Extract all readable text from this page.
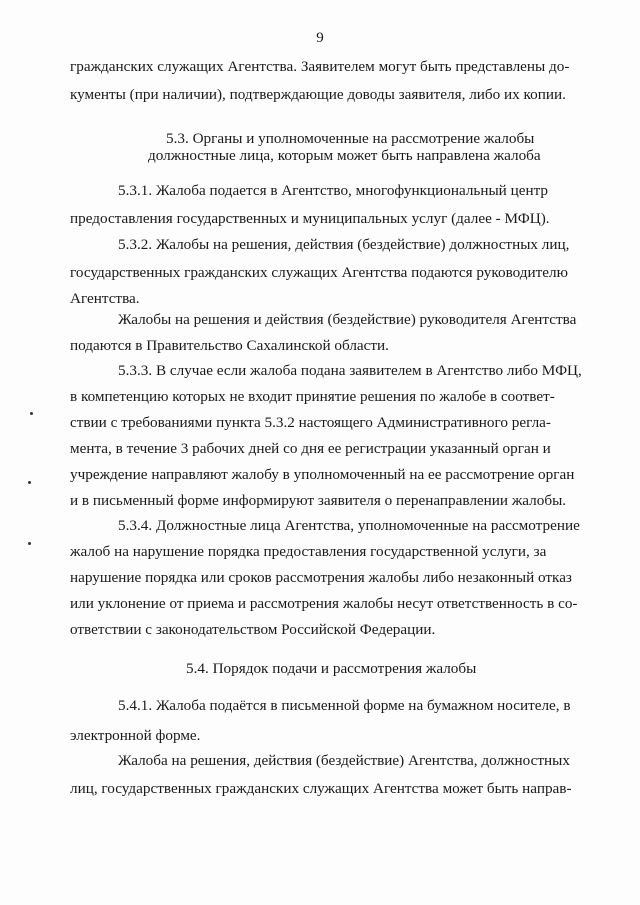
9
гражданских служащих Агентства. Заявителем могут быть представлены до-
кументы (при наличии), подтверждающие доводы заявителя, либо их копии.
5.3. Органы и уполномоченные на рассмотрение жалобы
должностные лица, которым может быть направлена жалоба
5.3.1. Жалоба подается в Агентство, многофункциональный центр
предоставления государственных и муниципальных услуг (далее - МФЦ).
5.3.2. Жалобы на решения, действия (бездействие) должностных лиц,
государственных гражданских служащих Агентства подаются руководителю
Агентства.
Жалобы на решения и действия (бездействие) руководителя Агентства
подаются в Правительство Сахалинской области.
5.3.3. В случае если жалоба подана заявителем в Агентство либо МФЦ,
в компетенцию которых не входит принятие решения по жалобе в соответ-
ствии с требованиями пункта 5.3.2 настоящего Административного регла-
мента, в течение 3 рабочих дней со дня ее регистрации указанный орган и
учреждение направляют жалобу в уполномоченный на ее рассмотрение орган
и в письменный форме информируют заявителя о перенаправлении жалобы.
5.3.4. Должностные лица Агентства, уполномоченные на рассмотрение
жалоб на нарушение порядка предоставления государственной услуги, за
нарушение порядка или сроков рассмотрения жалобы либо незаконный отказ
или уклонение от приема и рассмотрения жалобы несут ответственность в со-
ответствии с законодательством Российской Федерации.
5.4. Порядок подачи и рассмотрения жалобы
5.4.1. Жалоба подаётся в письменной форме на бумажном носителе, в
электронной форме.
Жалоба на решения, действия (бездействие) Агентства, должностных
лиц, государственных гражданских служащих Агентства может быть направ-
